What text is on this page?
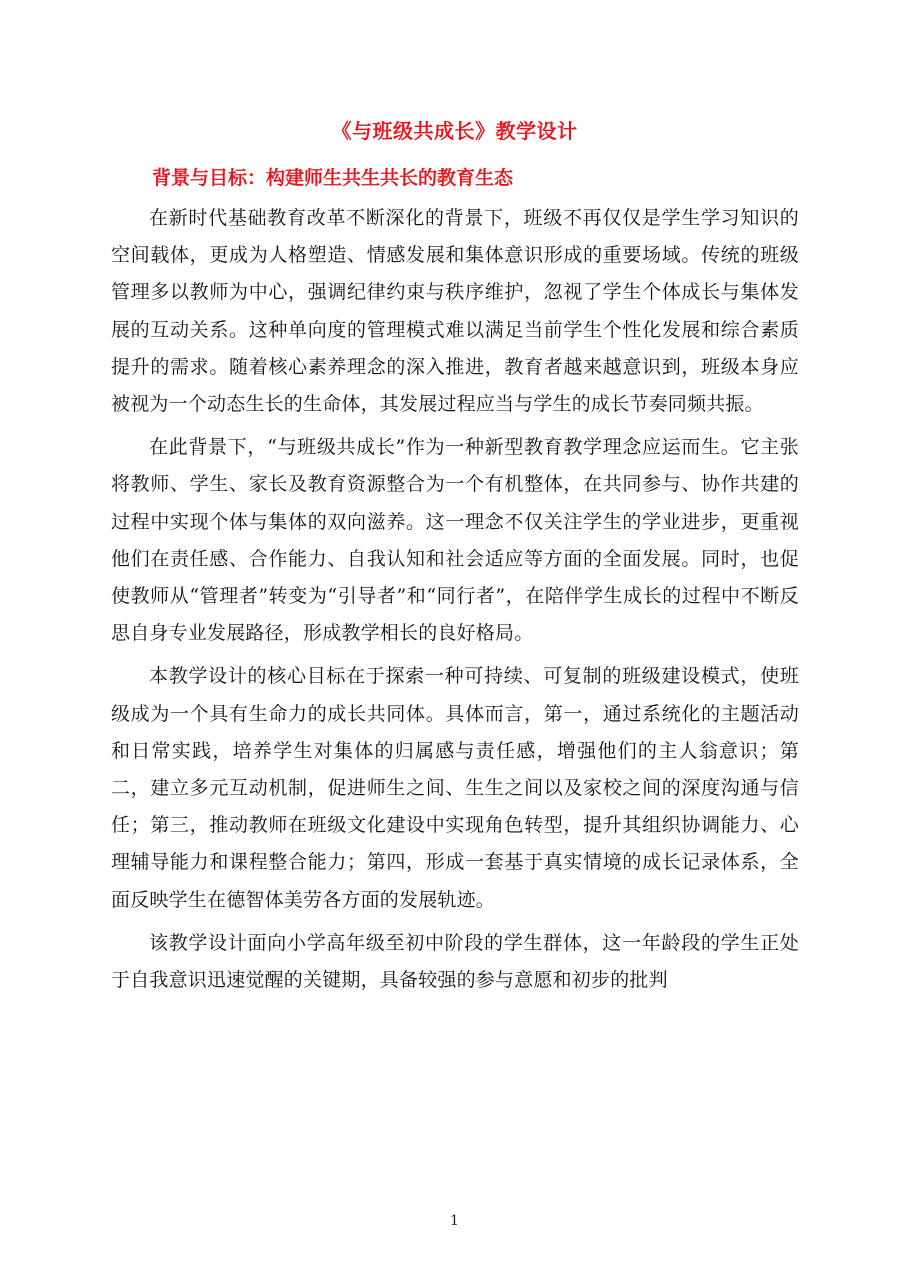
《与班级共成长》教学设计
背景与目标：构建师生共生共长的教育生态

在新时代基础教育改革不断深化的背景下，班级不再仅仅是学生学习知识的空间载体，更成为人格塑造、情感发展和集体意识形成的重要场域。传统的班级管理多以教师为中心，强调纪律约束与秩序维护，忽视了学生个体成长与集体发展的互动关系。这种单向度的管理模式难以满足当前学生个性化发展和综合素质提升的需求。随着核心素养理念的深入推进，教育者越来越意识到，班级本身应被视为一个动态生长的生命体，其发展过程应当与学生的成长节奏同频共振。

在此背景下，“与班级共成长”作为一种新型教育教学理念应运而生。它主张将教师、学生、家长及教育资源整合为一个有机整体，在共同参与、协作共建的过程中实现个体与集体的双向滋养。这一理念不仅关注学生的学业进步，更重视他们在责任感、合作能力、自我认知和社会适应等方面的全面发展。同时，也促使教师从“管理者”转变为“引导者”和“同行者”，在陪伴学生成长的过程中不断反思自身专业发展路径，形成教学相长的良好格局。

本教学设计的核心目标在于探索一种可持续、可复制的班级建设模式，使班级成为一个具有生命力的成长共同体。具体而言，第一，通过系统化的主题活动和日常实践，培养学生对集体的归属感与责任感，增强他们的主人翁意识；第二，建立多元互动机制，促进师生之间、生生之间以及家校之间的深度沟通与信任；第三，推动教师在班级文化建设中实现角色转型，提升其组织协调能力、心理辅导能力和课程整合能力；第四，形成一套基于真实情境的成长记录体系，全面反映学生在德智体美劳各方面的发展轨迹。

该教学设计面向小学高年级至初中阶段的学生群体，这一年龄段的学生正处于自我意识迅速觉醒的关键期，具备较强的参与意愿和初步的批判

1
